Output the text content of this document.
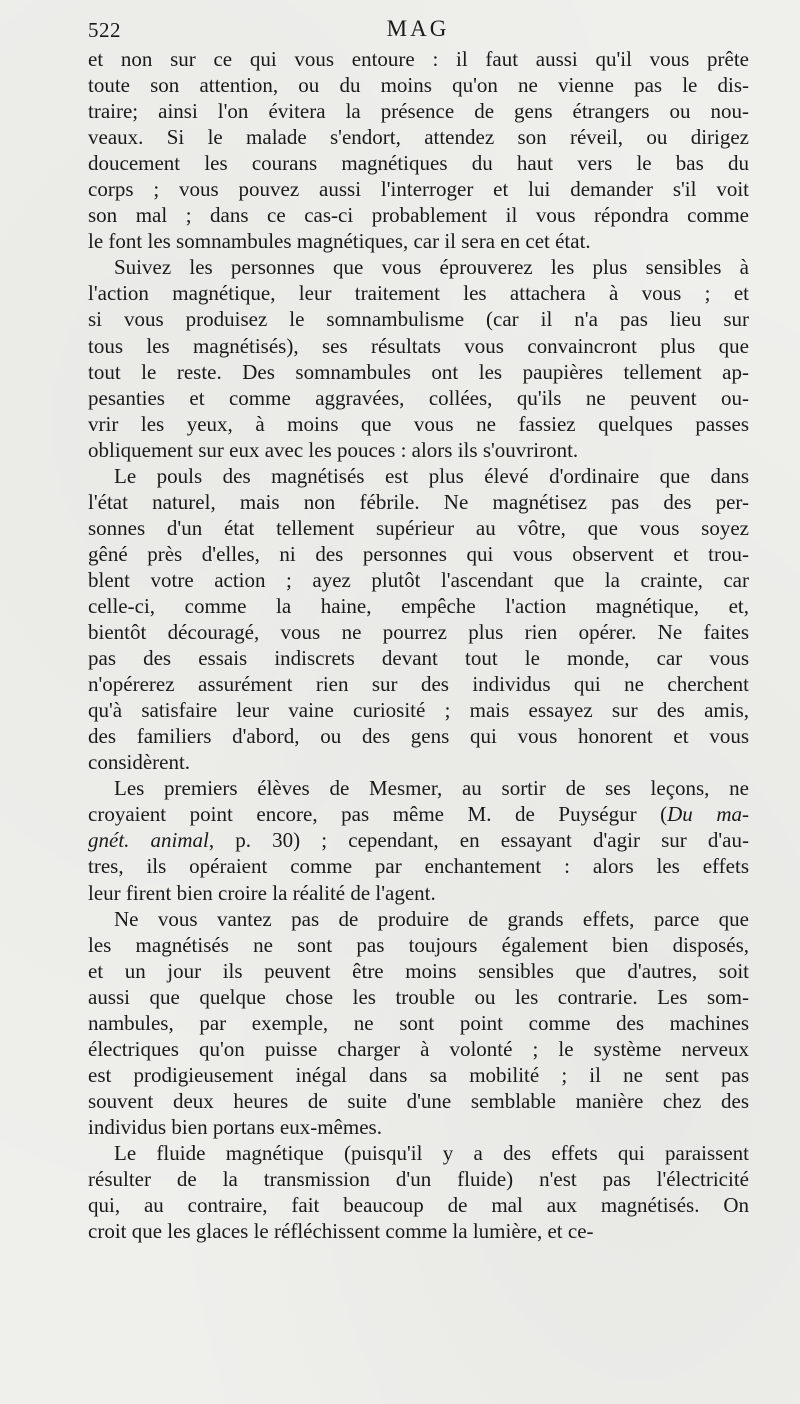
522	MAG
et non sur ce qui vous entoure : il faut aussi qu'il vous prête
toute son attention, ou du moins qu'on ne vienne pas le dis-
traire; ainsi l'on évitera la présence de gens étrangers ou nou-
veaux. Si le malade s'endort, attendez son réveil, ou dirigez
doucement les courans magnétiques du haut vers le bas du
corps ; vous pouvez aussi l'interroger et lui demander s'il voit
son mal ; dans ce cas-ci probablement il vous répondra comme
le font les somnambules magnétiques, car il sera en cet état.
Suivez les personnes que vous éprouverez les plus sensibles à
l'action magnétique, leur traitement les attachera à vous ; et
si vous produisez le somnambulisme (car il n'a pas lieu sur
tous les magnétisés), ses résultats vous convaincront plus que
tout le reste. Des somnambules ont les paupières tellement ap-
pesanties et comme aggravées, collées, qu'ils ne peuvent ou-
vrir les yeux, à moins que vous ne fassiez quelques passes
obliquement sur eux avec les pouces : alors ils s'ouvriront.
Le pouls des magnétisés est plus élevé d'ordinaire que dans
l'état naturel, mais non fébrile. Ne magnétisez pas des per-
sonnes d'un état tellement supérieur au vôtre, que vous soyez
gêné près d'elles, ni des personnes qui vous observent et trou-
blent votre action ; ayez plutôt l'ascendant que la crainte, car
celle-ci, comme la haine, empêche l'action magnétique, et,
bientôt découragé, vous ne pourrez plus rien opérer. Ne faites
pas des essais indiscrets devant tout le monde, car vous
n'opérerez assurément rien sur des individus qui ne cherchent
qu'à satisfaire leur vaine curiosité ; mais essayez sur des amis,
des familiers d'abord, ou des gens qui vous honorent et vous
considèrent.
Les premiers élèves de Mesmer, au sortir de ses leçons, ne
croyaient point encore, pas même M. de Puységur (Du ma-
gnét. animal, p. 30) ; cependant, en essayant d'agir sur d'au-
tres, ils opéraient comme par enchantement : alors les effets
leur firent bien croire la réalité de l'agent.
Ne vous vantez pas de produire de grands effets, parce que
les magnétisés ne sont pas toujours également bien disposés,
et un jour ils peuvent être moins sensibles que d'autres, soit
aussi que quelque chose les trouble ou les contrarie. Les som-
nambules, par exemple, ne sont point comme des machines
électriques qu'on puisse charger à volonté ; le système nerveux
est prodigieusement inégal dans sa mobilité ; il ne sent pas
souvent deux heures de suite d'une semblable manière chez des
individus bien portans eux-mêmes.
Le fluide magnétique (puisqu'il y a des effets qui paraissent
résulter de la transmission d'un fluide) n'est pas l'électricité
qui, au contraire, fait beaucoup de mal aux magnétisés. On
croit que les glaces le réfléchissent comme la lumière, et ce-
